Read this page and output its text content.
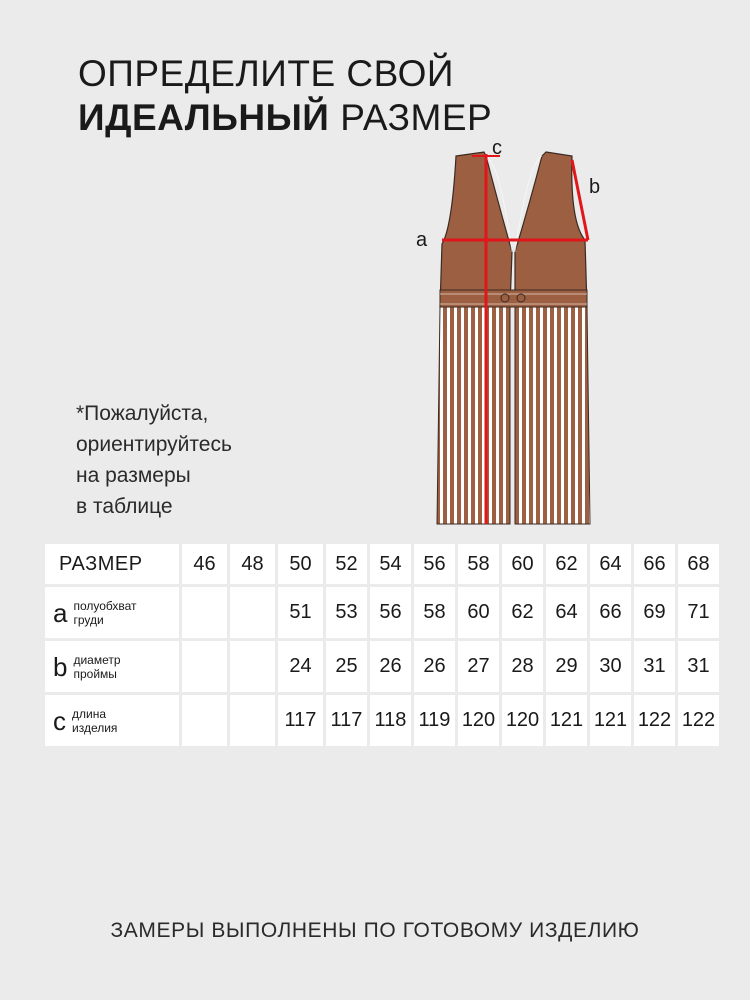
ОПРЕДЕЛИТЕ СВОЙ
ИДЕАЛЬНЫЙ РАЗМЕР
*Пожалуйста,
ориентируйтесь
на размеры
в таблице
a
b
c
РАЗМЕР	46	48	50	52	54	56	58	60	62	64	66	68

a полуобхват
груди			51	53	56	58	60	62	64	66	69	71

b диаметр
проймы			24	25	26	26	27	28	29	30	31	31

c длина
изделия			117	117	118	119	120	120	121	121	122	122
ЗАМЕРЫ ВЫПОЛНЕНЫ ПО ГОТОВОМУ ИЗДЕЛИЮ
